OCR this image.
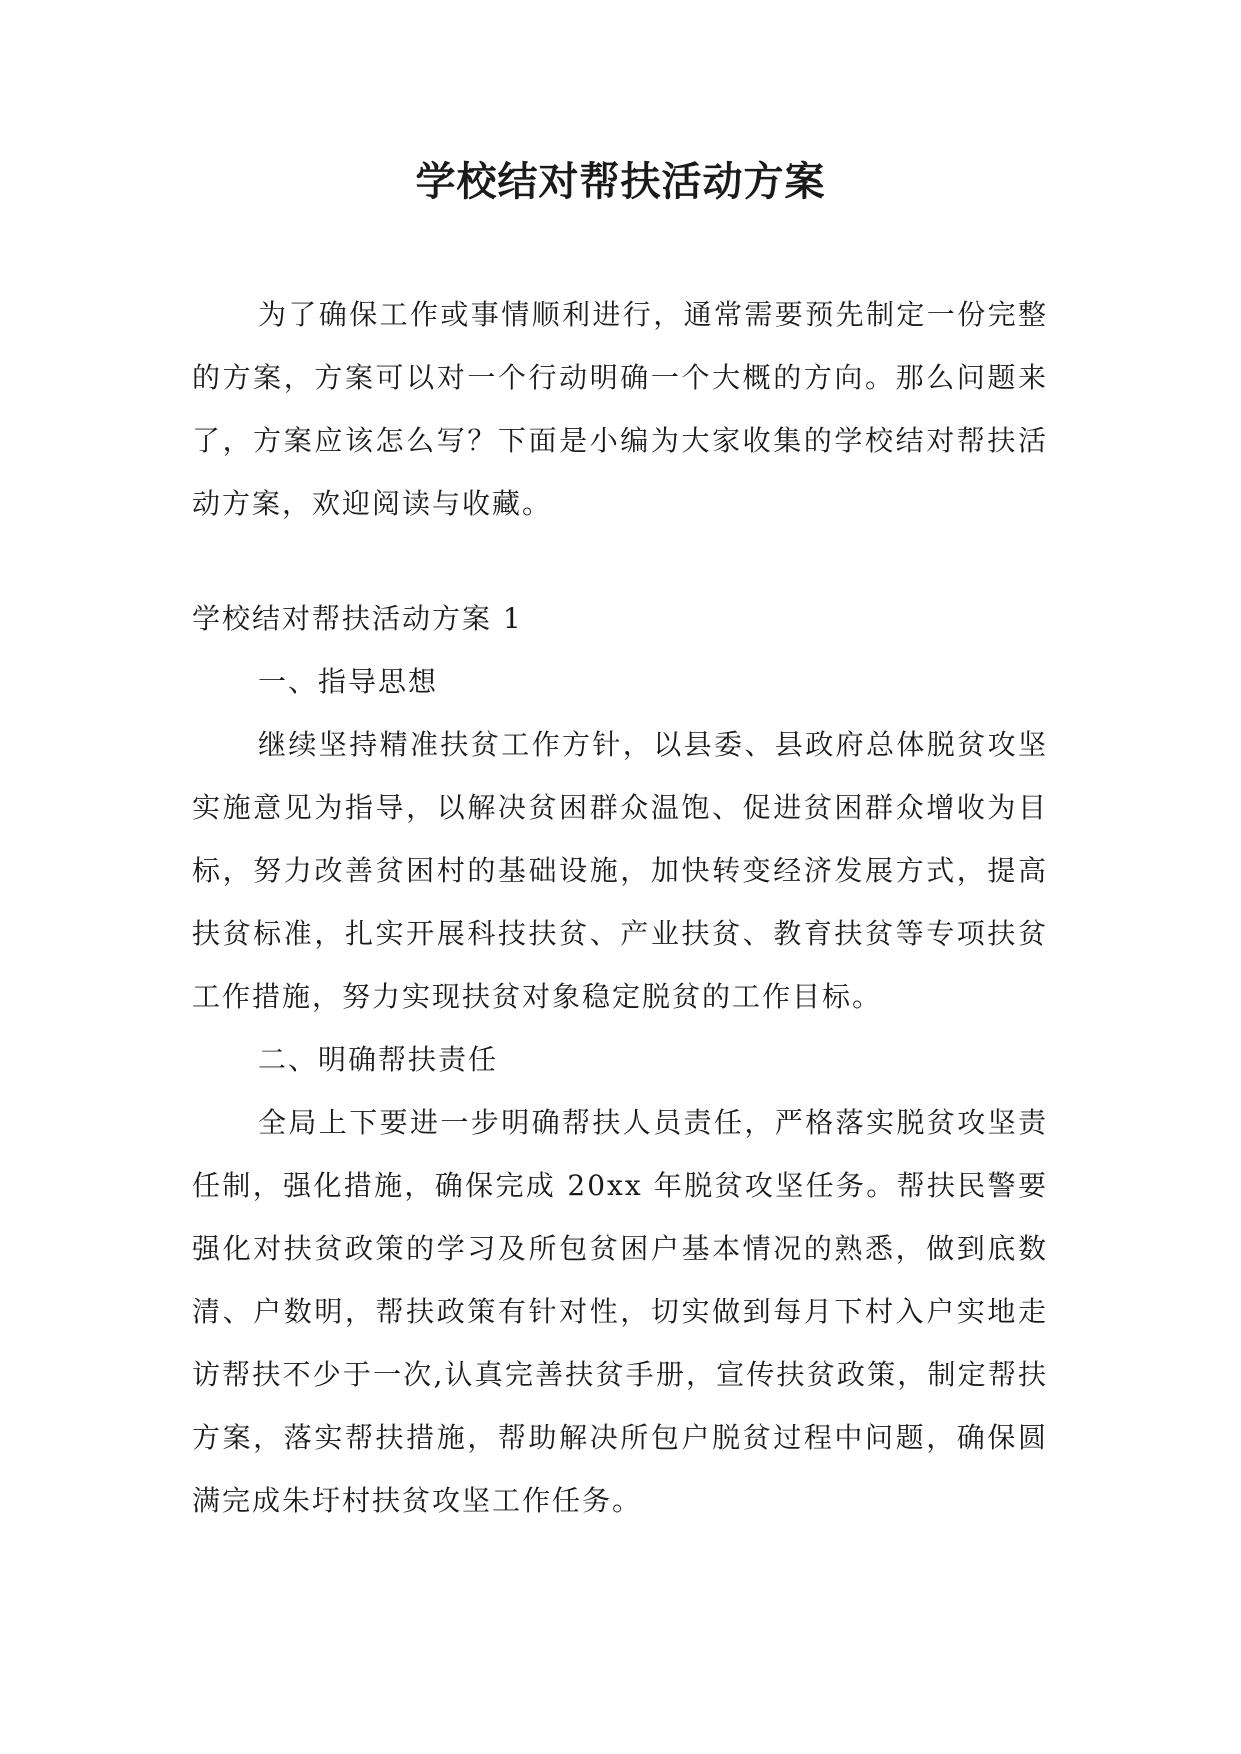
学校结对帮扶活动方案

为了确保工作或事情顺利进行，通常需要预先制定一份完整的方案，方案可以对一个行动明确一个大概的方向。那么问题来了，方案应该怎么写？下面是小编为大家收集的学校结对帮扶活动方案，欢迎阅读与收藏。

学校结对帮扶活动方案 1

一、指导思想

继续坚持精准扶贫工作方针，以县委、县政府总体脱贫攻坚实施意见为指导，以解决贫困群众温饱、促进贫困群众增收为目标，努力改善贫困村的基础设施，加快转变经济发展方式，提高扶贫标准，扎实开展科技扶贫、产业扶贫、教育扶贫等专项扶贫工作措施，努力实现扶贫对象稳定脱贫的工作目标。

二、明确帮扶责任

全局上下要进一步明确帮扶人员责任，严格落实脱贫攻坚责任制，强化措施，确保完成 20xx 年脱贫攻坚任务。帮扶民警要强化对扶贫政策的学习及所包贫困户基本情况的熟悉，做到底数清、户数明，帮扶政策有针对性，切实做到每月下村入户实地走访帮扶不少于一次,认真完善扶贫手册，宣传扶贫政策，制定帮扶方案，落实帮扶措施，帮助解决所包户脱贫过程中问题，确保圆满完成朱圩村扶贫攻坚工作任务。
